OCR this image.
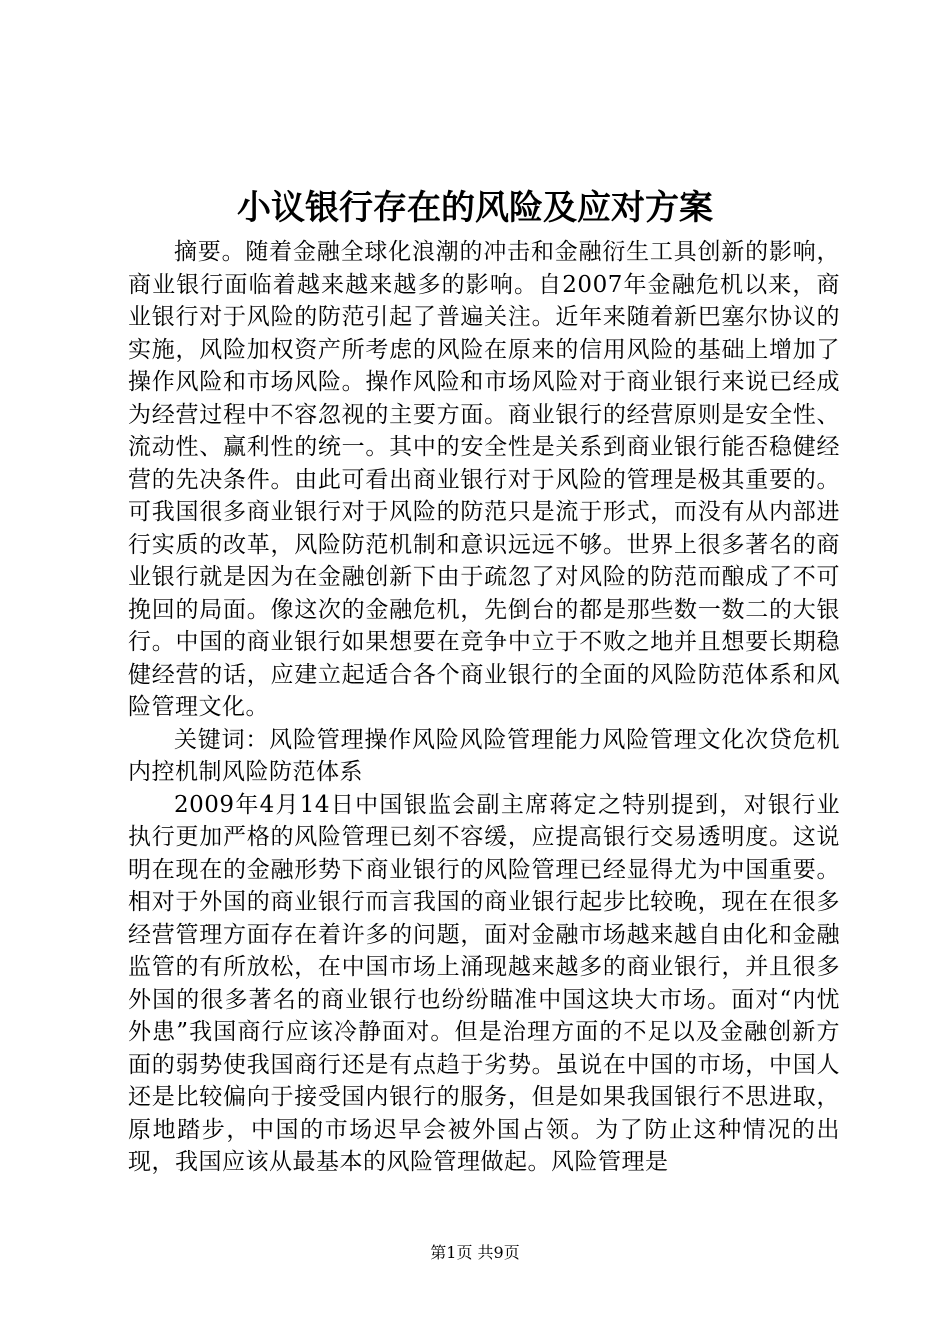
小议银行存在的风险及应对方案

摘要。随着金融全球化浪潮的冲击和金融衍生工具创新的影响，商业银行面临着越来越来越多的影响。自2007年金融危机以来，商业银行对于风险的防范引起了普遍关注。近年来随着新巴塞尔协议的实施，风险加权资产所考虑的风险在原来的信用风险的基础上增加了操作风险和市场风险。操作风险和市场风险对于商业银行来说已经成为经营过程中不容忽视的主要方面。商业银行的经营原则是安全性、流动性、赢利性的统一。其中的安全性是关系到商业银行能否稳健经营的先决条件。由此可看出商业银行对于风险的管理是极其重要的。可我国很多商业银行对于风险的防范只是流于形式，而没有从内部进行实质的改革，风险防范机制和意识远远不够。世界上很多著名的商业银行就是因为在金融创新下由于疏忽了对风险的防范而酿成了不可挽回的局面。像这次的金融危机，先倒台的都是那些数一数二的大银行。中国的商业银行如果想要在竞争中立于不败之地并且想要长期稳健经营的话，应建立起适合各个商业银行的全面的风险防范体系和风险管理文化。

关键词：风险管理操作风险风险管理能力风险管理文化次贷危机内控机制风险防范体系

2009年4月14日中国银监会副主席蒋定之特别提到，对银行业执行更加严格的风险管理已刻不容缓，应提高银行交易透明度。这说明在现在的金融形势下商业银行的风险管理已经显得尤为中国重要。相对于外国的商业银行而言我国的商业银行起步比较晚，现在在很多经营管理方面存在着许多的问题，面对金融市场越来越自由化和金融监管的有所放松，在中国市场上涌现越来越多的商业银行，并且很多外国的很多著名的商业银行也纷纷瞄准中国这块大市场。面对“内忧外患”我国商行应该冷静面对。但是治理方面的不足以及金融创新方面的弱势使我国商行还是有点趋于劣势。虽说在中国的市场，中国人还是比较偏向于接受国内银行的服务，但是如果我国银行不思进取，原地踏步，中国的市场迟早会被外国占领。为了防止这种情况的出现，我国应该从最基本的风险管理做起。风险管理是

第1页 共9页
